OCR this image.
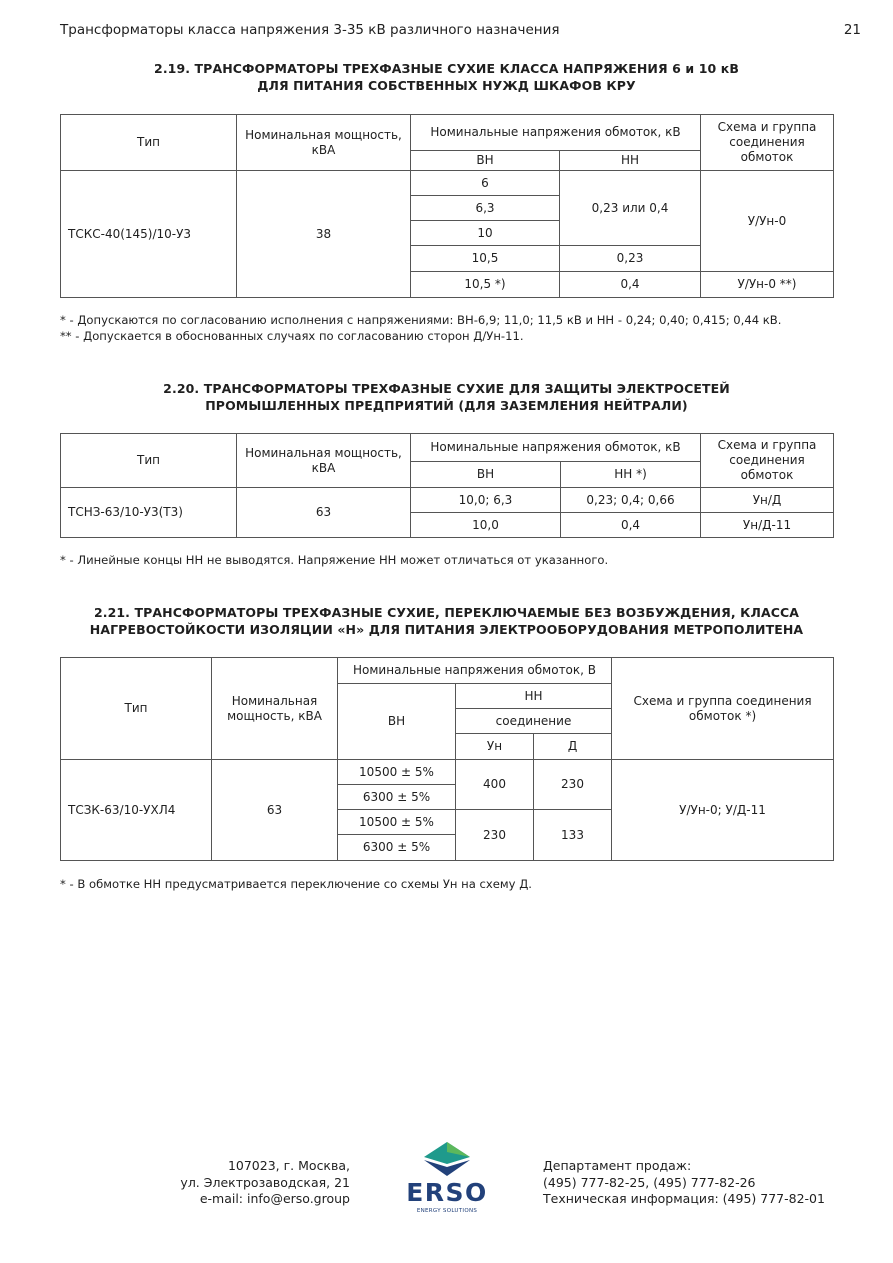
Трансформаторы класса напряжения 3-35 кВ различного назначения	21
2.19. ТРАНСФОРМАТОРЫ ТРЕХФАЗНЫЕ СУХИЕ КЛАССА НАПРЯЖЕНИЯ 6 и 10 кВ
ДЛЯ ПИТАНИЯ СОБСТВЕННЫХ НУЖД ШКАФОВ КРУ
Тип	Номинальная мощность, кВА	Номинальные напряжения обмоток, кВ		Схема и группа соединения обмоток
		ВН	НН	
ТСКС-40(145)/10-У3	38	6	0,23 или 0,4	У/Ун-0
		6,3		
		10		
		10,5	0,23	
		10,5 *)	0,4	У/Ун-0 **)
* - Допускаются по согласованию исполнения с напряжениями: ВН-6,9; 11,0; 11,5 кВ и НН - 0,24; 0,40; 0,415; 0,44 кВ.
** - Допускается в обоснованных случаях по согласованию сторон Д/Ун-11.
2.20. ТРАНСФОРМАТОРЫ ТРЕХФАЗНЫЕ СУХИЕ ДЛЯ ЗАЩИТЫ ЭЛЕКТРОСЕТЕЙ
ПРОМЫШЛЕННЫХ ПРЕДПРИЯТИЙ (ДЛЯ ЗАЗЕМЛЕНИЯ НЕЙТРАЛИ)
Тип	Номинальная мощность, кВА	Номинальные напряжения обмоток, кВ		Схема и группа соединения обмоток
		ВН	НН *)	
ТСНЗ-63/10-У3(Т3)	63	10,0; 6,3	0,23; 0,4; 0,66	Ун/Д
		10,0	0,4	Ун/Д-11
* - Линейные концы НН не выводятся. Напряжение НН может отличаться от указанного.
2.21. ТРАНСФОРМАТОРЫ ТРЕХФАЗНЫЕ СУХИЕ, ПЕРЕКЛЮЧАЕМЫЕ БЕЗ ВОЗБУЖДЕНИЯ, КЛАССА
НАГРЕВОСТОЙКОСТИ ИЗОЛЯЦИИ «Н» ДЛЯ ПИТАНИЯ ЭЛЕКТРООБОРУДОВАНИЯ МЕТРОПОЛИТЕНА
Тип	Номинальная мощность, кВА	Номинальные напряжения обмоток, В			Схема и группа соединения обмоток *)
		ВН	НН		
			соединение		
			Ун	Д	
ТСЗК-63/10-УХЛ4	63	10500 ± 5%	400	230	У/Ун-0; У/Д-11
		6300 ± 5%			
		10500 ± 5%	230	133	
		6300 ± 5%			
* - В обмотке НН предусматривается переключение со схемы Ун на схему Д.
107023, г. Москва,
ул. Электрозаводская, 21
e-mail: info@erso.group	ERSO
ENERGY SOLUTIONS
Департамент продаж:
(495) 777-82-25, (495) 777-82-26
Техническая информация: (495) 777-82-01
